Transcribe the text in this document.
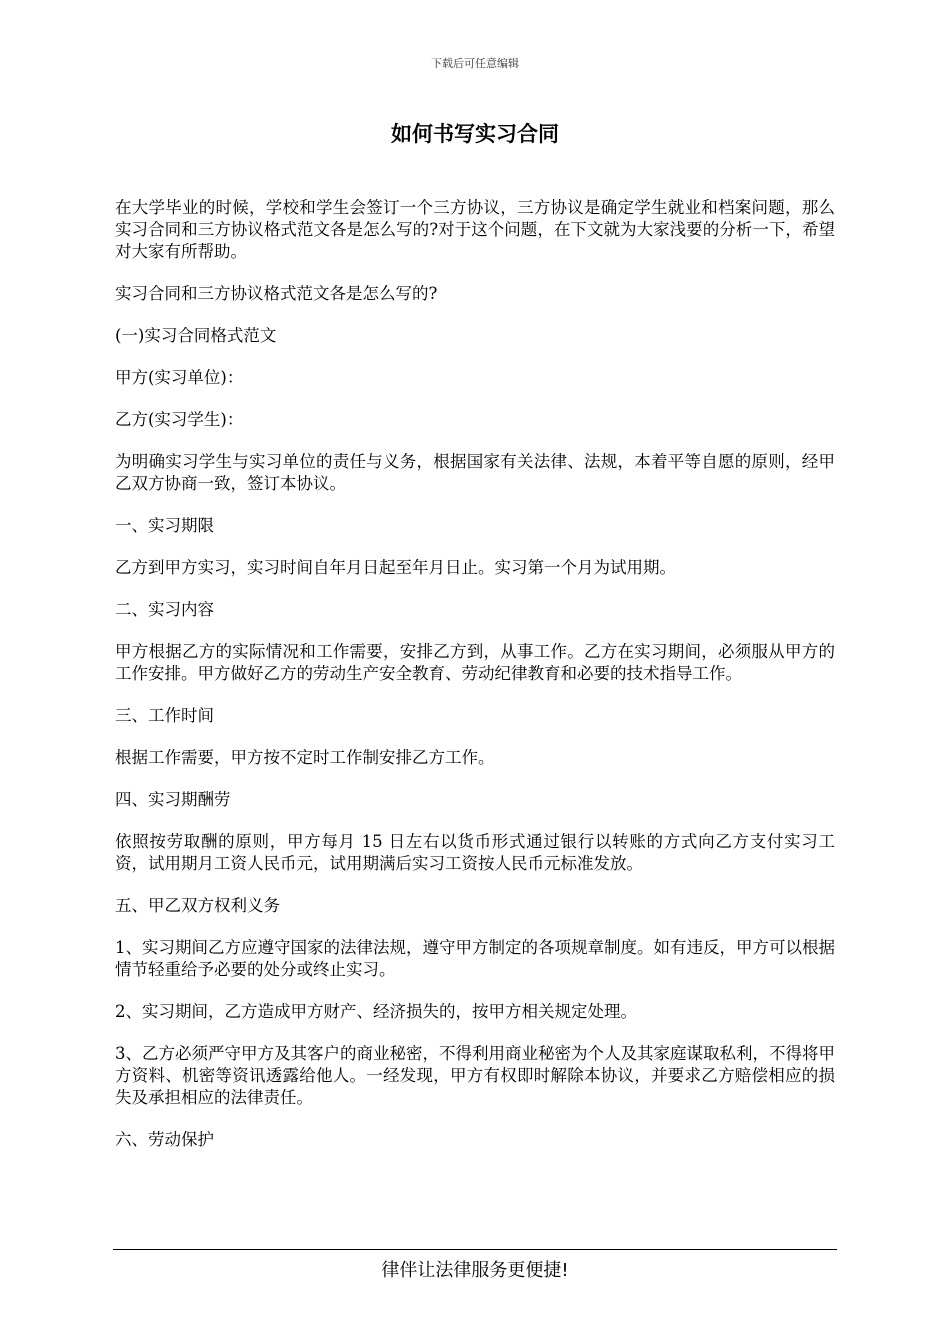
下载后可任意编辑
如何书写实习合同

在大学毕业的时候，学校和学生会签订一个三方协议，三方协议是确定学生就业和档案问题，那么实习合同和三方协议格式范文各是怎么写的?对于这个问题，在下文就为大家浅要的分析一下，希望对大家有所帮助。

实习合同和三方协议格式范文各是怎么写的?

(一)实习合同格式范文

甲方(实习单位)：

乙方(实习学生)：

为明确实习学生与实习单位的责任与义务，根据国家有关法律、法规，本着平等自愿的原则，经甲乙双方协商一致，签订本协议。

一、实习期限

乙方到甲方实习，实习时间自年月日起至年月日止。实习第一个月为试用期。

二、实习内容

甲方根据乙方的实际情况和工作需要，安排乙方到，从事工作。乙方在实习期间，必须服从甲方的工作安排。甲方做好乙方的劳动生产安全教育、劳动纪律教育和必要的技术指导工作。

三、工作时间

根据工作需要，甲方按不定时工作制安排乙方工作。

四、实习期酬劳

依照按劳取酬的原则，甲方每月 15 日左右以货币形式通过银行以转账的方式向乙方支付实习工资，试用期月工资人民币元，试用期满后实习工资按人民币元标准发放。

五、甲乙双方权利义务

1、实习期间乙方应遵守国家的法律法规，遵守甲方制定的各项规章制度。如有违反，甲方可以根据情节轻重给予必要的处分或终止实习。

2、实习期间，乙方造成甲方财产、经济损失的，按甲方相关规定处理。

3、乙方必须严守甲方及其客户的商业秘密，不得利用商业秘密为个人及其家庭谋取私利，不得将甲方资料、机密等资讯透露给他人。一经发现，甲方有权即时解除本协议，并要求乙方赔偿相应的损失及承担相应的法律责任。

六、劳动保护

律伴让法律服务更便捷!
